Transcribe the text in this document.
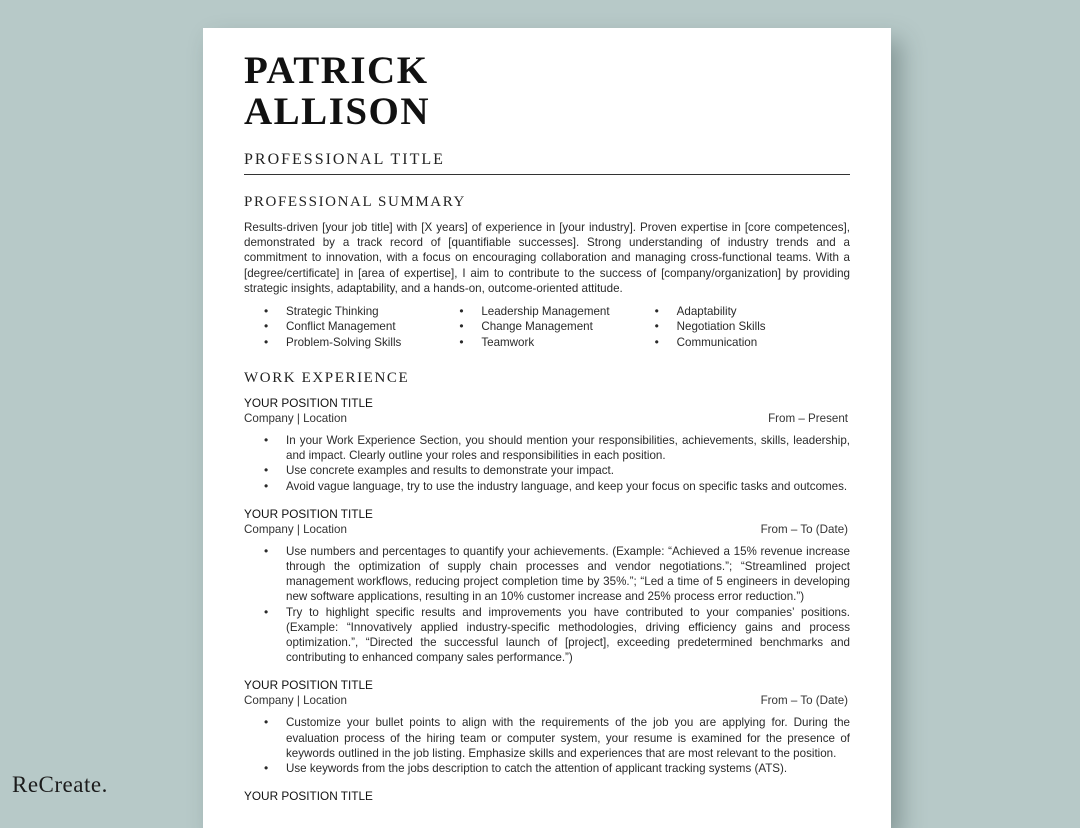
PATRICK
ALLISON
PROFESSIONAL TITLE
PROFESSIONAL SUMMARY
Results-driven [your job title] with [X years] of experience in [your industry]. Proven expertise in [core competences], demonstrated by a track record of [quantifiable successes]. Strong understanding of industry trends and a commitment to innovation, with a focus on encouraging collaboration and managing cross-functional teams. With a [degree/certificate] in [area of expertise], I aim to contribute to the success of [company/organization] by providing strategic insights, adaptability, and a hands-on, outcome-oriented attitude.
• Strategic Thinking	• Leadership Management	• Adaptability
• Conflict Management	• Change Management	• Negotiation Skills
• Problem-Solving Skills	• Teamwork	• Communication
WORK EXPERIENCE
YOUR POSITION TITLE
Company | Location	From – Present
• In your Work Experience Section, you should mention your responsibilities, achievements, skills, leadership, and impact. Clearly outline your roles and responsibilities in each position.
• Use concrete examples and results to demonstrate your impact.
• Avoid vague language, try to use the industry language, and keep your focus on specific tasks and outcomes.
YOUR POSITION TITLE
Company | Location	From – To (Date)
• Use numbers and percentages to quantify your achievements. (Example: “Achieved a 15% revenue increase through the optimization of supply chain processes and vendor negotiations.”; “Streamlined project management workflows, reducing project completion time by 35%.”; “Led a time of 5 engineers in developing new software applications, resulting in an 10% customer increase and 25% process error reduction.”)
• Try to highlight specific results and improvements you have contributed to your companies’ positions. (Example: “Innovatively applied industry-specific methodologies, driving efficiency gains and process optimization.”, “Directed the successful launch of [project], exceeding predetermined benchmarks and contributing to enhanced company sales performance.”)
YOUR POSITION TITLE
Company | Location	From – To (Date)
• Customize your bullet points to align with the requirements of the job you are applying for. During the evaluation process of the hiring team or computer system, your resume is examined for the presence of keywords outlined in the job listing. Emphasize skills and experiences that are most relevant to the position.
• Use keywords from the jobs description to catch the attention of applicant tracking systems (ATS).
YOUR POSITION TITLE
ReCreate.
